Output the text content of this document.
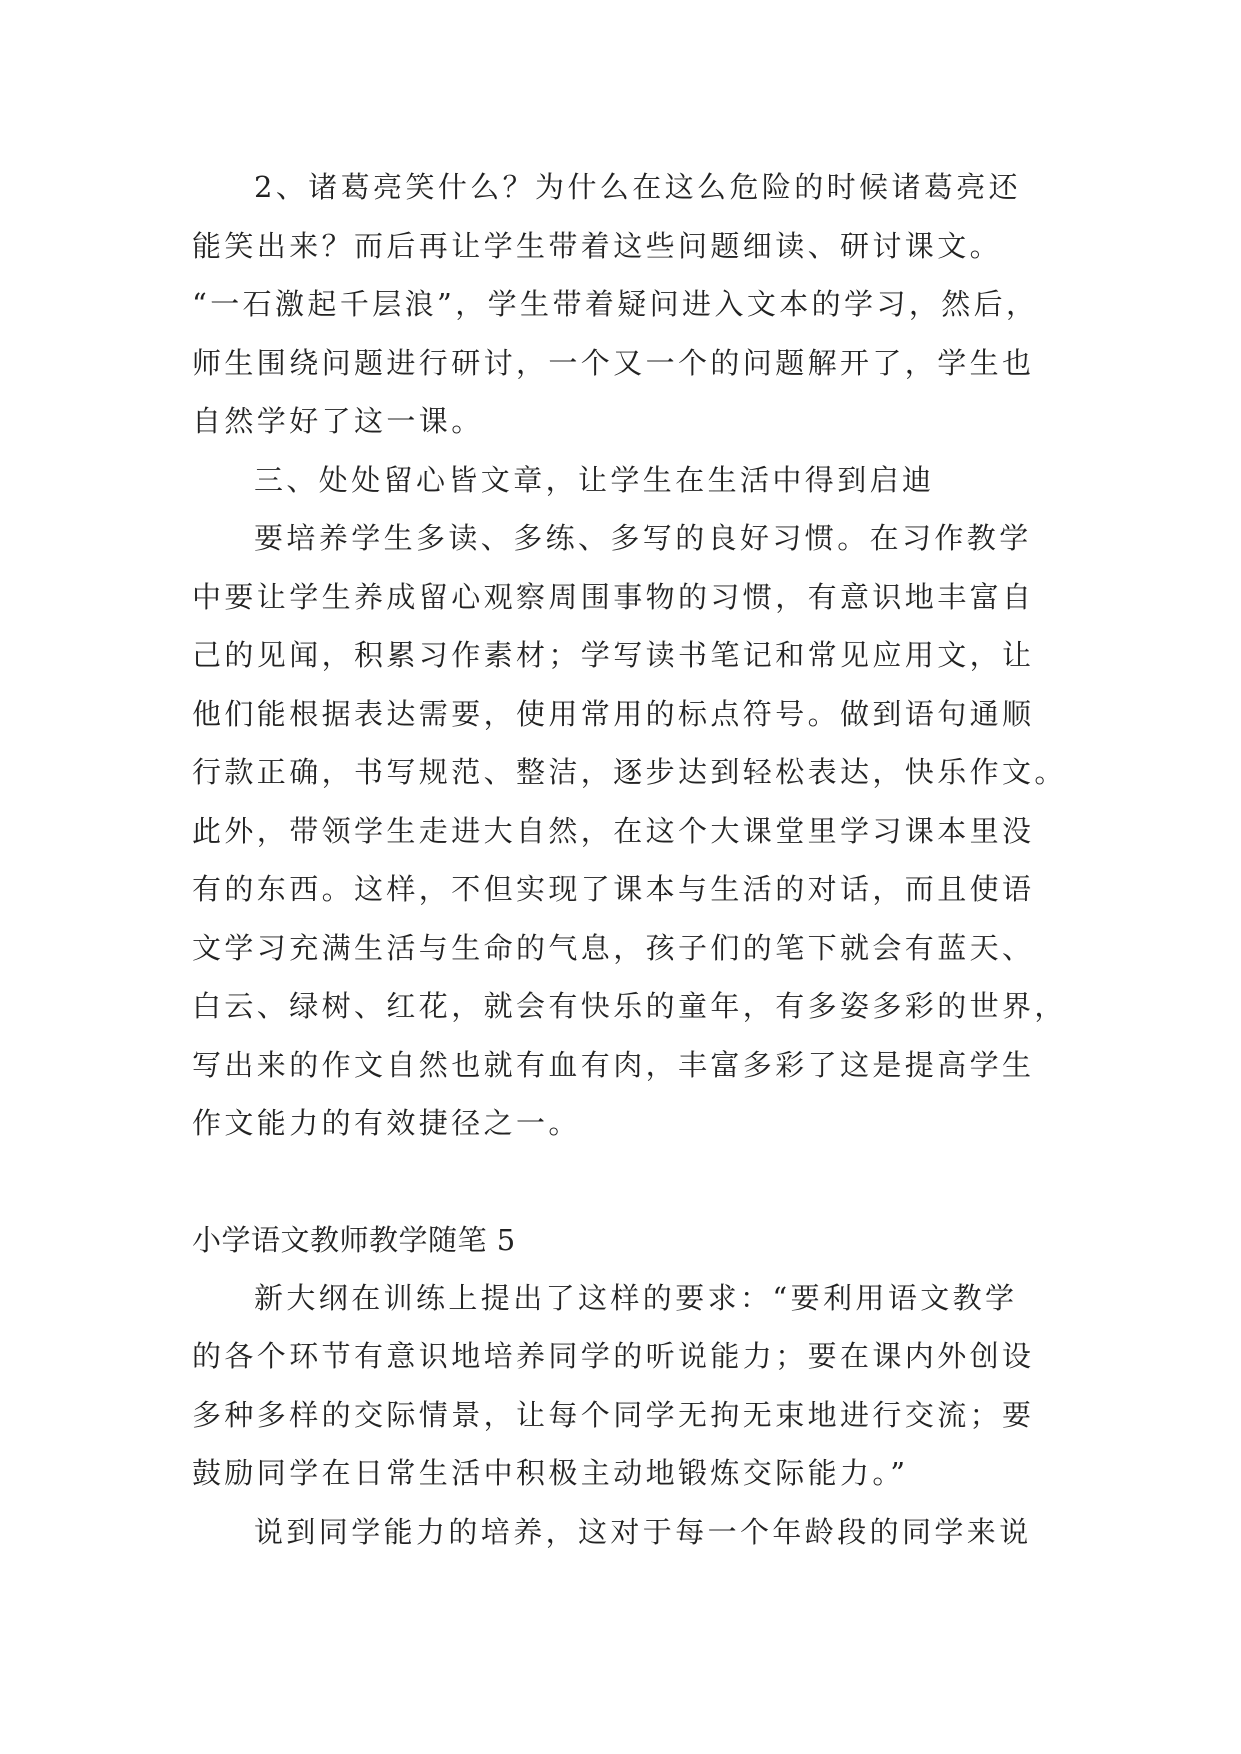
2、诸葛亮笑什么？为什么在这么危险的时候诸葛亮还
能笑出来？而后再让学生带着这些问题细读、研讨课文。
“一石激起千层浪”，学生带着疑问进入文本的学习，然后，
师生围绕问题进行研讨，一个又一个的问题解开了，学生也
自然学好了这一课。
三、处处留心皆文章，让学生在生活中得到启迪
要培养学生多读、多练、多写的良好习惯。在习作教学
中要让学生养成留心观察周围事物的习惯，有意识地丰富自
己的见闻，积累习作素材；学写读书笔记和常见应用文，让
他们能根据表达需要，使用常用的标点符号。做到语句通顺
行款正确，书写规范、整洁，逐步达到轻松表达，快乐作文。
此外，带领学生走进大自然，在这个大课堂里学习课本里没
有的东西。这样，不但实现了课本与生活的对话，而且使语
文学习充满生活与生命的气息，孩子们的笔下就会有蓝天、
白云、绿树、红花，就会有快乐的童年，有多姿多彩的世界，
写出来的作文自然也就有血有肉，丰富多彩了这是提高学生
作文能力的有效捷径之一。
小学语文教师教学随笔 5
新大纲在训练上提出了这样的要求：“要利用语文教学
的各个环节有意识地培养同学的听说能力；要在课内外创设
多种多样的交际情景，让每个同学无拘无束地进行交流；要
鼓励同学在日常生活中积极主动地锻炼交际能力。”
说到同学能力的培养，这对于每一个年龄段的同学来说
